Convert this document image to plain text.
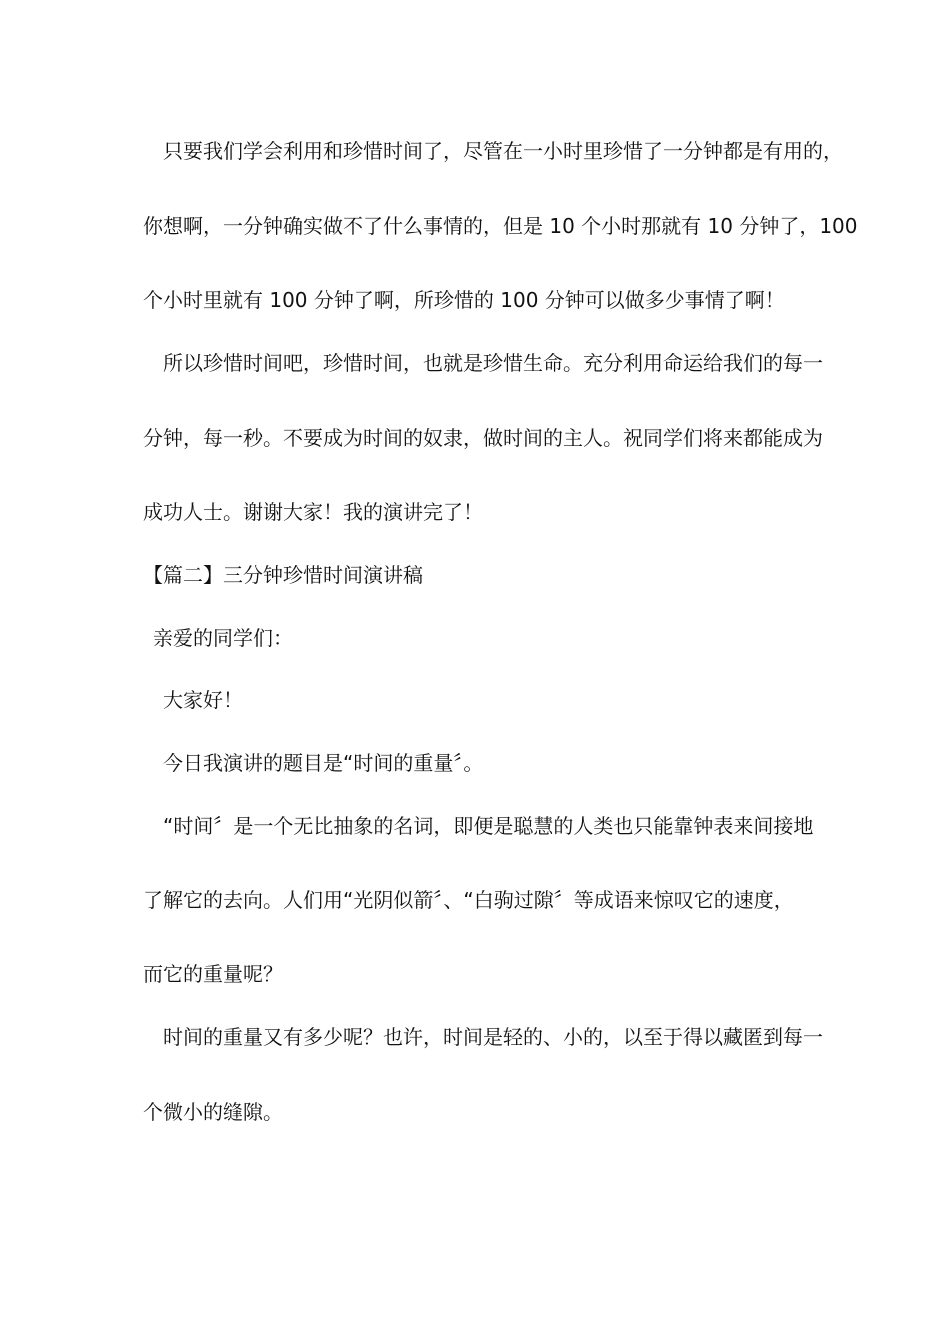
只要我们学会利用和珍惜时间了，尽管在一小时里珍惜了一分钟都是有用的，
你想啊，一分钟确实做不了什么事情的，但是 10 个小时那就有 10 分钟了，100
个小时里就有 100 分钟了啊，所珍惜的 100 分钟可以做多少事情了啊！
所以珍惜时间吧，珍惜时间，也就是珍惜生命。充分利用命运给我们的每一
分钟，每一秒。不要成为时间的奴隶，做时间的主人。祝同学们将来都能成为
成功人士。谢谢大家！我的演讲完了！
【篇二】三分钟珍惜时间演讲稿
亲爱的同学们：
大家好！
今日我演讲的题目是“时间的重量〞。
“时间〞是一个无比抽象的名词，即便是聪慧的人类也只能靠钟表来间接地
了解它的去向。人们用“光阴似箭〞、“白驹过隙〞等成语来惊叹它的速度，
而它的重量呢？
时间的重量又有多少呢？也许，时间是轻的、小的，以至于得以藏匿到每一
个微小的缝隙。
